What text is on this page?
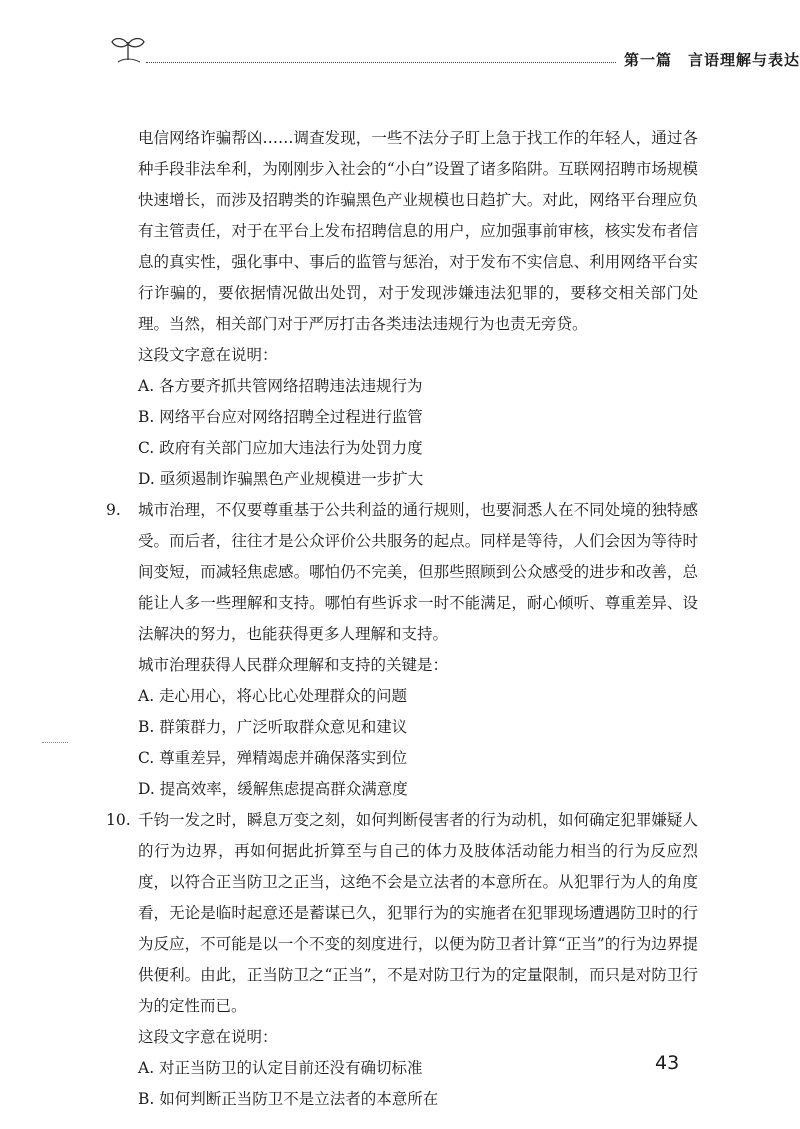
第一篇　言语理解与表达

电信网络诈骗帮凶……调查发现，一些不法分子盯上急于找工作的年轻人，通过各种手段非法牟利，为刚刚步入社会的“小白”设置了诸多陷阱。互联网招聘市场规模快速增长，而涉及招聘类的诈骗黑色产业规模也日趋扩大。对此，网络平台理应负有主管责任，对于在平台上发布招聘信息的用户，应加强事前审核，核实发布者信息的真实性，强化事中、事后的监管与惩治，对于发布不实信息、利用网络平台实行诈骗的，要依据情况做出处罚，对于发现涉嫌违法犯罪的，要移交相关部门处理。当然，相关部门对于严厉打击各类违法违规行为也责无旁贷。

这段文字意在说明：

A. 各方要齐抓共管网络招聘违法违规行为

B. 网络平台应对网络招聘全过程进行监管

C. 政府有关部门应加大违法行为处罚力度

D. 亟须遏制诈骗黑色产业规模进一步扩大

9. 城市治理，不仅要尊重基于公共利益的通行规则，也要洞悉人在不同处境的独特感受。而后者，往往才是公众评价公共服务的起点。同样是等待，人们会因为等待时间变短，而减轻焦虑感。哪怕仍不完美，但那些照顾到公众感受的进步和改善，总能让人多一些理解和支持。哪怕有些诉求一时不能满足，耐心倾听、尊重差异、设法解决的努力，也能获得更多人理解和支持。

城市治理获得人民群众理解和支持的关键是：

A. 走心用心，将心比心处理群众的问题

B. 群策群力，广泛听取群众意见和建议

C. 尊重差异，殚精竭虑并确保落实到位

D. 提高效率，缓解焦虑提高群众满意度

10. 千钧一发之时，瞬息万变之刻，如何判断侵害者的行为动机，如何确定犯罪嫌疑人的行为边界，再如何据此折算至与自己的体力及肢体活动能力相当的行为反应烈度，以符合正当防卫之正当，这绝不会是立法者的本意所在。从犯罪行为人的角度看，无论是临时起意还是蓄谋已久，犯罪行为的实施者在犯罪现场遭遇防卫时的行为反应，不可能是以一个不变的刻度进行，以便为防卫者计算“正当”的行为边界提供便利。由此，正当防卫之“正当”，不是对防卫行为的定量限制，而只是对防卫行为的定性而已。

这段文字意在说明：

A. 对正当防卫的认定目前还没有确切标准

B. 如何判断正当防卫不是立法者的本意所在

43
